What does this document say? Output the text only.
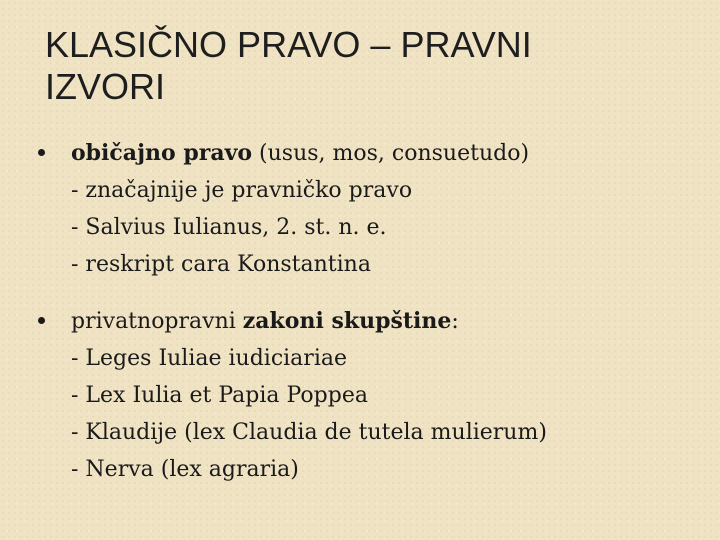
KLASIČNO PRAVO – PRAVNI
IZVORI
običajno pravo (usus, mos, consuetudo)
- značajnije je pravničko pravo
- Salvius Iulianus, 2. st. n. e.
- reskript cara Konstantina
privatnopravni zakoni skupštine:
- Leges Iuliae iudiciariae
- Lex Iulia et Papia Poppea
- Klaudije (lex Claudia de tutela mulierum)
- Nerva (lex agraria)
